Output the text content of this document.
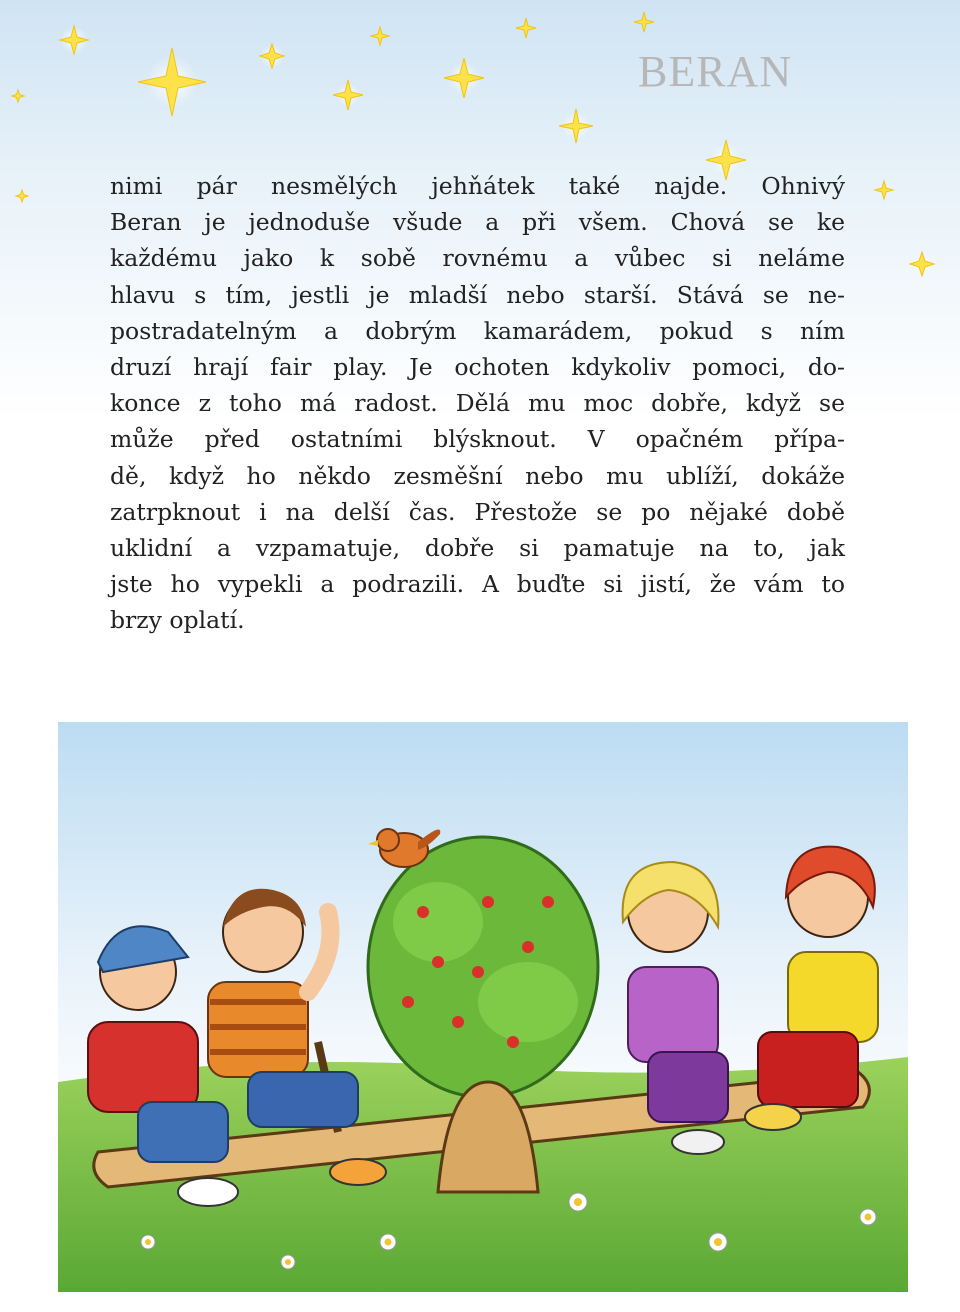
BERAN
nimi pár nesmělých jehňátek také najde. Ohnivý
Beran je jednoduše všude a při všem. Chová se ke
každému jako k sobě rovnému a vůbec si neláme
hlavu s tím, jestli je mladší nebo starší. Stává se ne-
postradatelným a dobrým kamarádem, pokud s ním
druzí hrají fair play. Je ochoten kdykoliv pomoci, do-
konce z toho má radost. Dělá mu moc dobře, když se
může před ostatními blýsknout. V opačném přípa-
dě, když ho někdo zesměšní nebo mu ublíží, dokáže
zatrpknout i na delší čas. Přestože se po nějaké době
uklidní a vzpamatuje, dobře si pamatuje na to, jak
jste ho vypekli a podrazili. A buďte si jistí, že vám to
brzy oplatí.
